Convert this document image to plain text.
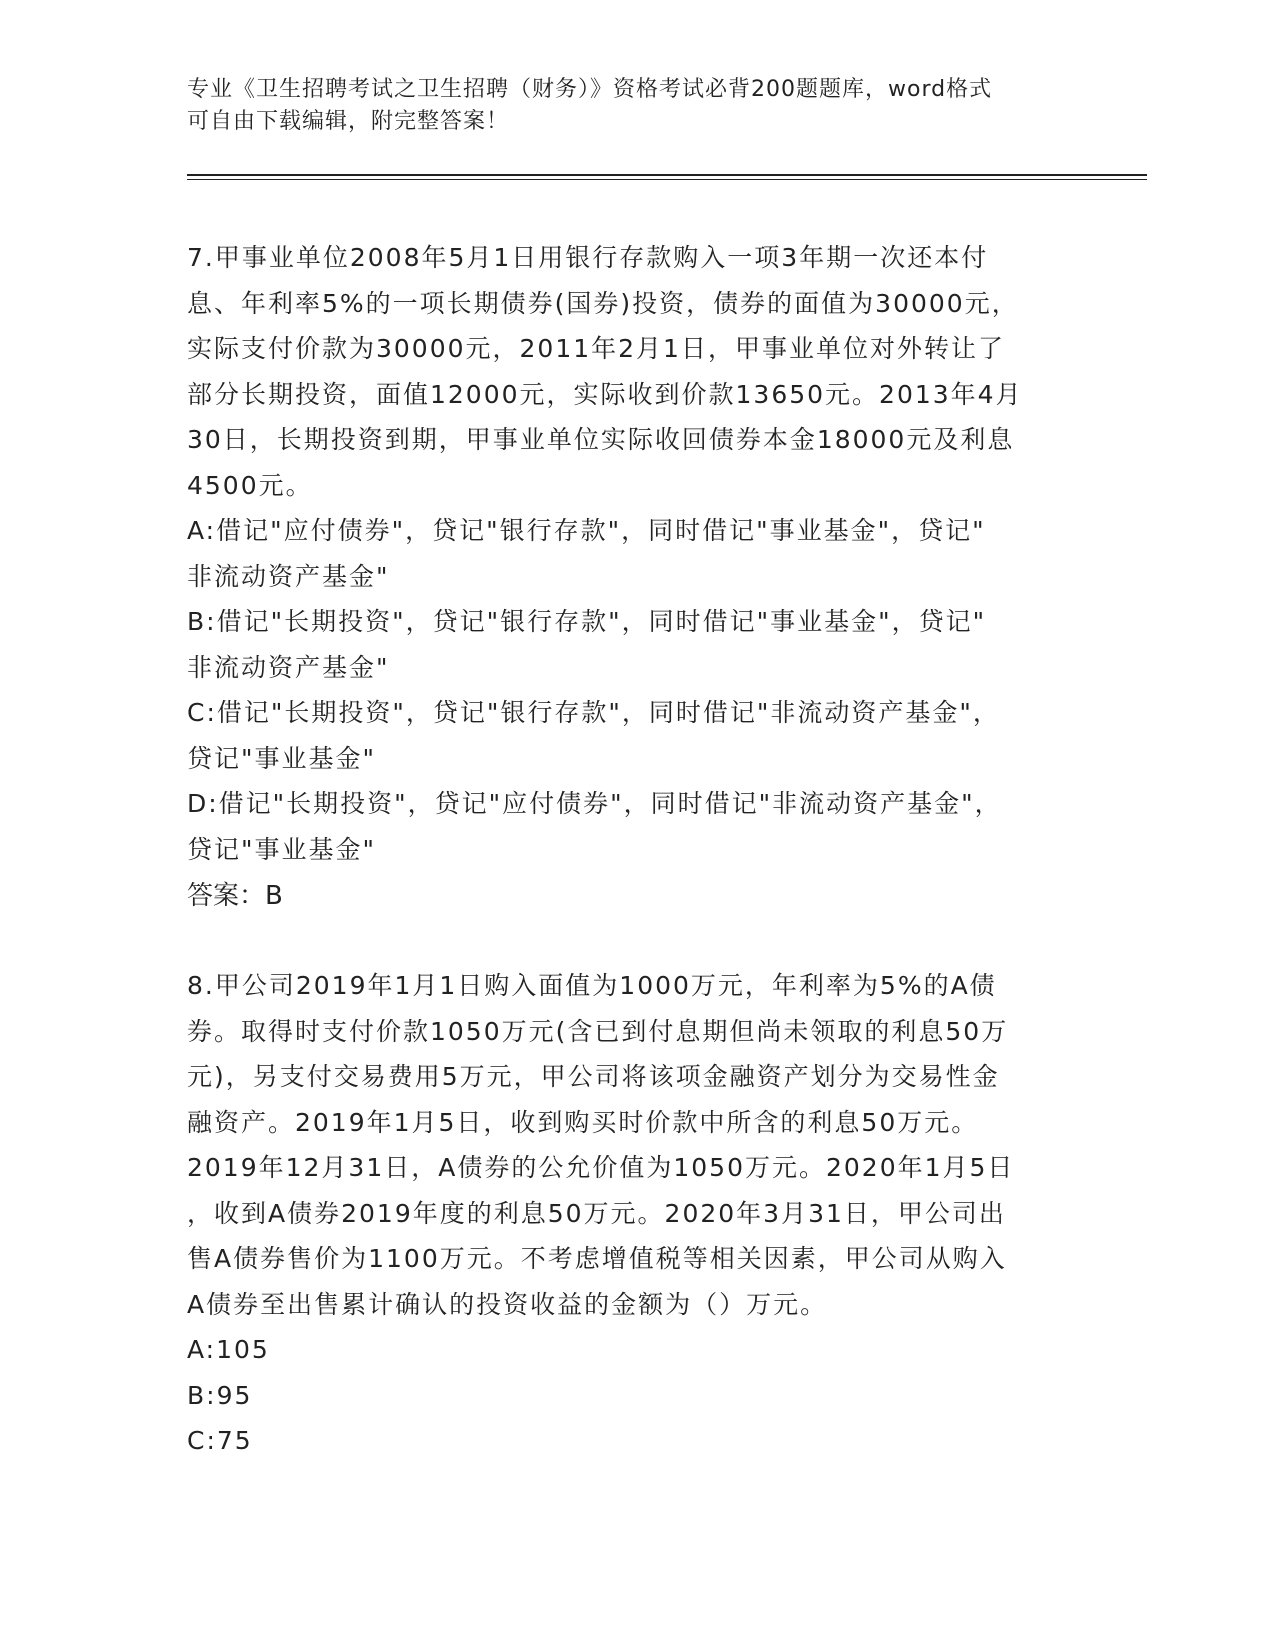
专业《卫生招聘考试之卫生招聘（财务）》资格考试必背200题题库，word格式
可自由下载编辑，附完整答案！
7.甲事业单位2008年5月1日用银行存款购入一项3年期一次还本付
息、年利率5%的一项长期债券(国券)投资，债券的面值为30000元，
实际支付价款为30000元，2011年2月1日，甲事业单位对外转让了
部分长期投资，面值12000元，实际收到价款13650元。2013年4月
30日，长期投资到期，甲事业单位实际收回债券本金18000元及利息
4500元。
A:借记"应付债券"，贷记"银行存款"，同时借记"事业基金"，贷记"
非流动资产基金"
B:借记"长期投资"，贷记"银行存款"，同时借记"事业基金"，贷记"
非流动资产基金"
C:借记"长期投资"，贷记"银行存款"，同时借记"非流动资产基金"，
贷记"事业基金"
D:借记"长期投资"，贷记"应付债券"，同时借记"非流动资产基金"，
贷记"事业基金"
答案：B
8.甲公司2019年1月1日购入面值为1000万元，年利率为5%的A债
券。取得时支付价款1050万元(含已到付息期但尚未领取的利息50万
元)，另支付交易费用5万元，甲公司将该项金融资产划分为交易性金
融资产。2019年1月5日，收到购买时价款中所含的利息50万元。
2019年12月31日，A债券的公允价值为1050万元。2020年1月5日
，收到A债券2019年度的利息50万元。2020年3月31日，甲公司出
售A债券售价为1100万元。不考虑增值税等相关因素，甲公司从购入
A债券至出售累计确认的投资收益的金额为（）万元。
A:105
B:95
C:75
